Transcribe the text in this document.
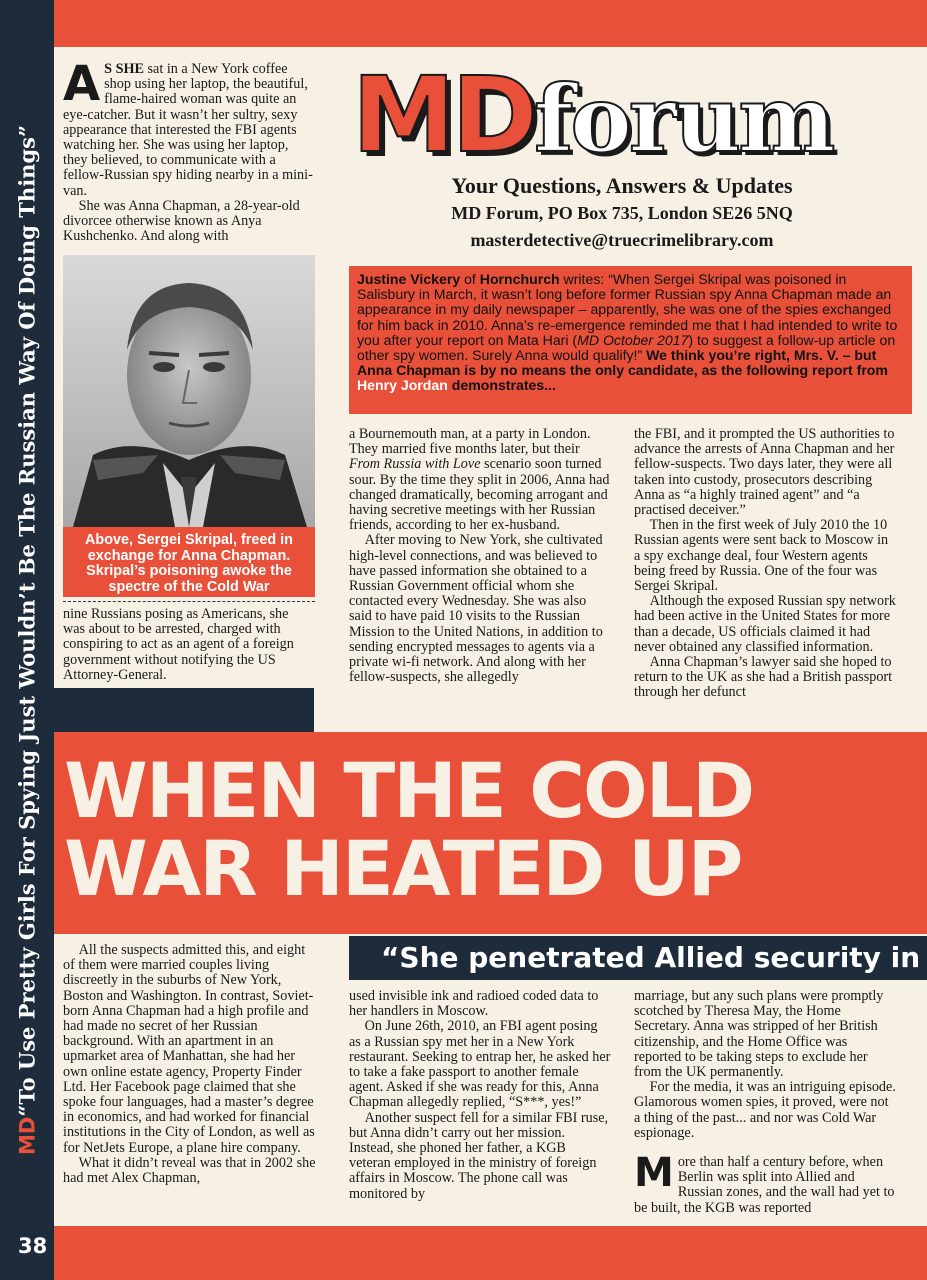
MD“To Use Pretty Girls For Spying Just Wouldn’t Be The Russian Way Of Doing Things”
38

A S SHE sat in a New York coffee shop using her laptop, the beautiful, flame-haired woman was quite an eye-catcher. But it wasn’t her sultry, sexy appearance that interested the FBI agents watching her. She was using her laptop, they believed, to communicate with a fellow-Russian spy hiding nearby in a mini-van.

She was Anna Chapman, a 28-year-old divorcee otherwise known as Anya Kushchenko. And along with

Above, Sergei Skripal, freed in exchange for Anna Chapman. Skripal’s poisoning awoke the spectre of the Cold War

nine Russians posing as Americans, she was about to be arrested, charged with conspiring to act as an agent of a foreign government without notifying the US Attorney-General.

MDforum
Your Questions, Answers & Updates
MD Forum, PO Box 735, London SE26 5NQ
masterdetective@truecrimelibrary.com
Justine Vickery of Hornchurch writes: “When Sergei Skripal was poisoned in Salisbury in March, it wasn’t long before former Russian spy Anna Chapman made an appearance in my daily newspaper – apparently, she was one of the spies exchanged for him back in 2010. Anna’s re-emergence reminded me that I had intended to write to you after your report on Mata Hari (MD October 2017) to suggest a follow-up article on other spy women. Surely Anna would qualify!” We think you’re right, Mrs. V. – but Anna Chapman is by no means the only candidate, as the following report from Henry Jordan demonstrates...

a Bournemouth man, at a party in London. They married five months later, but their From Russia with Love scenario soon turned sour. By the time they split in 2006, Anna had changed dramatically, becoming arrogant and having secretive meetings with her Russian friends, according to her ex-husband.

After moving to New York, she cultivated high-level connections, and was believed to have passed information she obtained to a Russian Government official whom she contacted every Wednesday. She was also said to have paid 10 visits to the Russian Mission to the United Nations, in addition to sending encrypted messages to agents via a private wi-fi network. And along with her fellow-suspects, she allegedly

the FBI, and it prompted the US authorities to advance the arrests of Anna Chapman and her fellow-suspects. Two days later, they were all taken into custody, prosecutors describing Anna as “a highly trained agent” and “a practised deceiver.”

Then in the first week of July 2010 the 10 Russian agents were sent back to Moscow in a spy exchange deal, four Western agents being freed by Russia. One of the four was Sergei Skripal.

Although the exposed Russian spy network had been active in the United States for more than a decade, US officials claimed it had never obtained any classified information.

Anna Chapman’s lawyer said she hoped to return to the UK as she had a British passport through her defunct

WHEN THE COLD
WAR HEATED UP
“She penetrated Allied security in

All the suspects admitted this, and eight of them were married couples living discreetly in the suburbs of New York, Boston and Washington. In contrast, Soviet-born Anna Chapman had a high profile and had made no secret of her Russian background. With an apartment in an upmarket area of Manhattan, she had her own online estate agency, Property Finder Ltd. Her Facebook page claimed that she spoke four languages, had a master’s degree in economics, and had worked for financial institutions in the City of London, as well as for NetJets Europe, a plane hire company.

What it didn’t reveal was that in 2002 she had met Alex Chapman,

used invisible ink and radioed coded data to her handlers in Moscow.

On June 26th, 2010, an FBI agent posing as a Russian spy met her in a New York restaurant. Seeking to entrap her, he asked her to take a fake passport to another female agent. Asked if she was ready for this, Anna Chapman allegedly replied, “S***, yes!”

Another suspect fell for a similar FBI ruse, but Anna didn’t carry out her mission. Instead, she phoned her father, a KGB veteran employed in the ministry of foreign affairs in Moscow. The phone call was monitored by

marriage, but any such plans were promptly scotched by Theresa May, the Home Secretary. Anna was stripped of her British citizenship, and the Home Office was reported to be taking steps to exclude her from the UK permanently.

For the media, it was an intriguing episode. Glamorous women spies, it proved, were not a thing of the past... and nor was Cold War espionage.

More than half a century before, when Berlin was split into Allied and Russian zones, and the wall had yet to be built, the KGB was reported
